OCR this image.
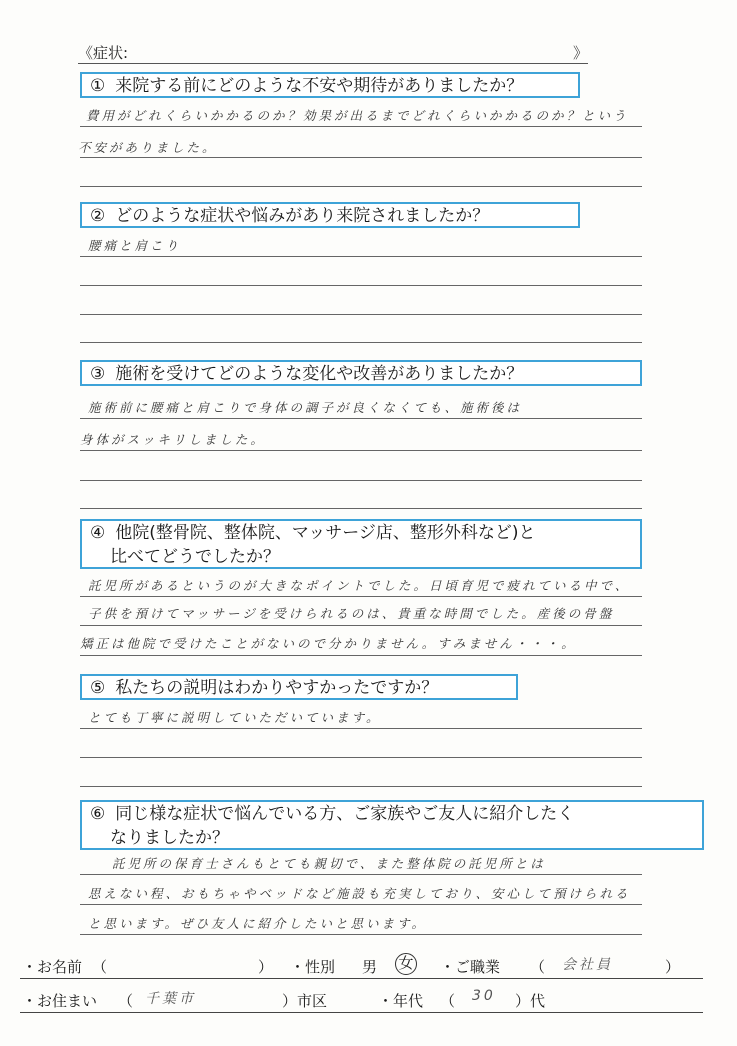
《症状:	》
① 来院する前にどのような不安や期待がありましたか？
費用がどれくらいかかるのか？効果が出るまでどれくらいかかるのか？という
不安がありました。
② どのような症状や悩みがあり来院されましたか？
腰痛と肩こり
③ 施術を受けてどのような変化や改善がありましたか？
施術前に腰痛と肩こりで身体の調子が良くなくても、施術後は
身体がスッキリしました。
④ 他院(整骨院、整体院、マッサージ店、整形外科など)と
比べてどうでしたか？
託児所があるというのが大きなポイントでした。日頃育児で疲れている中で、
子供を預けてマッサージを受けられるのは、貴重な時間でした。産後の骨盤
矯正は他院で受けたことがないので分かりません。すみません・・・。
⑤ 私たちの説明はわかりやすかったですか？
とても丁寧に説明していただいています。
⑥ 同じ様な症状で悩んでいる方、ご家族やご友人に紹介したく
なりましたか？
託児所の保育士さんもとても親切で、また整体院の託児所とは
思えない程、おもちゃやベッドなど施設も充実しており、安心して預けられる
と思います。ぜひ友人に紹介したいと思います。
・お名前 （	） ・性別 男 女 ・ご職業 （ 会社員	）
・お住まい （ 千葉市	）市区	・年代 （ 30 ）代
